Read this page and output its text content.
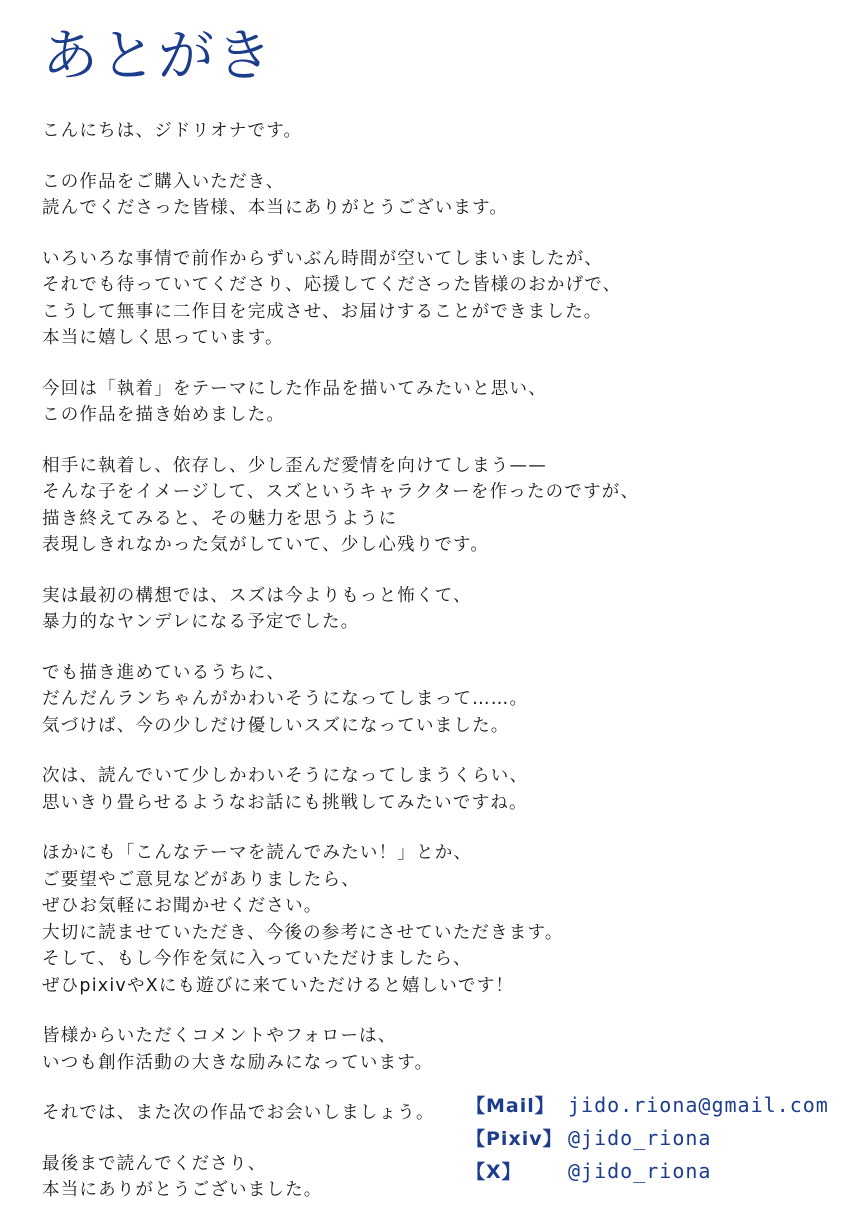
あとがき
こんにちは、ジドリオナです。
この作品をご購入いただき、
読んでくださった皆様、本当にありがとうございます。
いろいろな事情で前作からずいぶん時間が空いてしまいましたが、
それでも待っていてくださり、応援してくださった皆様のおかげで、
こうして無事に二作目を完成させ、お届けすることができました。
本当に嬉しく思っています。
今回は「執着」をテーマにした作品を描いてみたいと思い、
この作品を描き始めました。
相手に執着し、依存し、少し歪んだ愛情を向けてしまう——
そんな子をイメージして、スズというキャラクターを作ったのですが、
描き終えてみると、その魅力を思うように
表現しきれなかった気がしていて、少し心残りです。
実は最初の構想では、スズは今よりもっと怖くて、
暴力的なヤンデレになる予定でした。
でも描き進めているうちに、
だんだんランちゃんがかわいそうになってしまって……。
気づけば、今の少しだけ優しいスズになっていました。
次は、読んでいて少しかわいそうになってしまうくらい、
思いきり畳らせるようなお話にも挑戦してみたいですね。
ほかにも「こんなテーマを読んでみたい！」とか、
ご要望やご意見などがありましたら、
ぜひお気軽にお聞かせください。
大切に読ませていただき、今後の参考にさせていただきます。
そして、もし今作を気に入っていただけましたら、
ぜひpixivやXにも遊びに来ていただけると嬉しいです！
皆様からいただくコメントやフォローは、
いつも創作活動の大きな励みになっています。
それでは、また次の作品でお会いしましょう。
最後まで読んでくださり、
本当にありがとうございました。
【Mail】 jido.riona@gmail.com
【Pixiv】 @jido_riona
【X】	@jido_riona
